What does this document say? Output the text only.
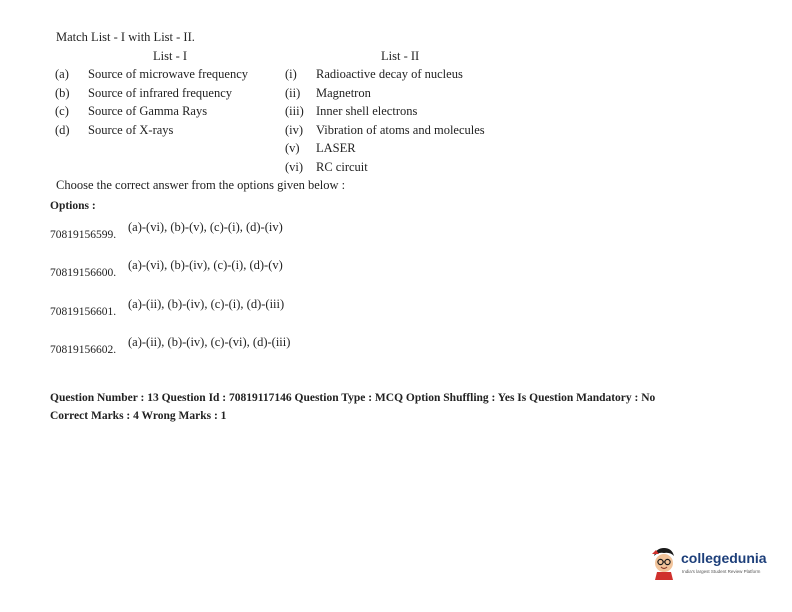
Match List - I with List - II.
List - I	List - II
(a) Source of microwave frequency
(b) Source of infrared frequency
(c) Source of Gamma Rays
(d) Source of X-rays
(i) Radioactive decay of nucleus
(ii) Magnetron
(iii) Inner shell electrons
(iv) Vibration of atoms and molecules
(v) LASER
(vi) RC circuit
Choose the correct answer from the options given below :
Options :
70819156599.
(a)-(vi), (b)-(v), (c)-(i), (d)-(iv)
70819156600.
(a)-(vi), (b)-(iv), (c)-(i), (d)-(v)
70819156601.
(a)-(ii), (b)-(iv), (c)-(i), (d)-(iii)
70819156602.
(a)-(ii), (b)-(iv), (c)-(vi), (d)-(iii)
Question Number : 13 Question Id : 70819117146 Question Type : MCQ Option Shuffling : Yes Is Question Mandatory : No
Correct Marks : 4 Wrong Marks : 1
collegedunia
India's largest Student Review Platform
